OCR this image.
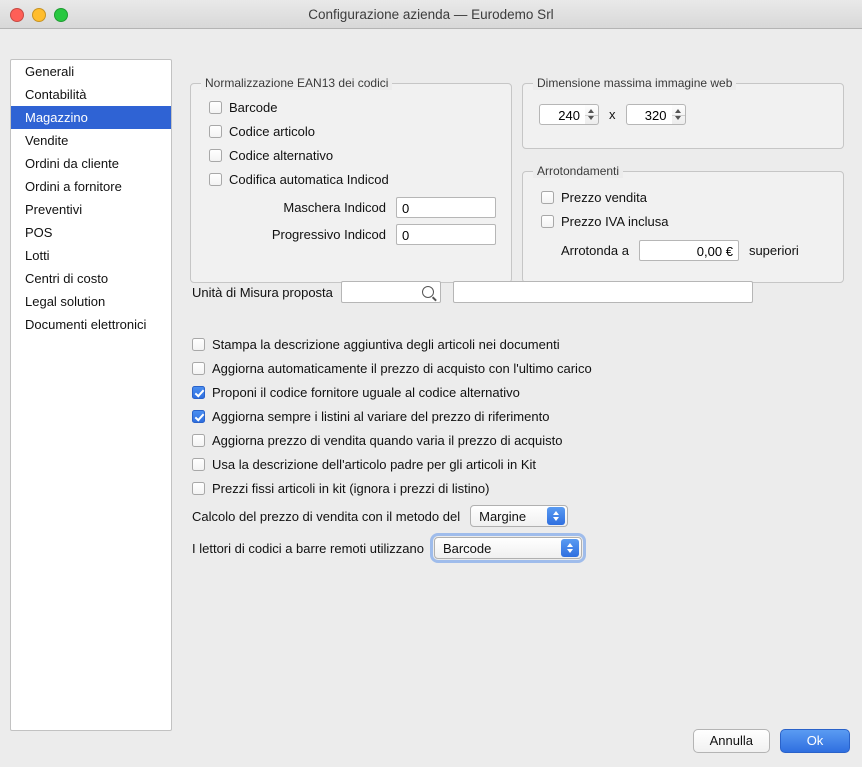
Configurazione azienda — Eurodemo Srl
Generali
Contabilità
Magazzino
Vendite
Ordini da cliente
Ordini a fornitore
Preventivi
POS
Lotti
Centri di costo
Legal solution
Documenti elettronici
Normalizzazione EAN13 dei codici
Barcode
Codice articolo
Codice alternativo
Codifica automatica Indicod
Maschera Indicod	0
Progressivo Indicod	0
Dimensione massima immagine web
240	x	320
Arrotondamenti
Prezzo vendita
Prezzo IVA inclusa
Arrotonda a	0,00 €	superiori
Unità di Misura proposta
Stampa la descrizione aggiuntiva degli articoli nei documenti
Aggiorna automaticamente il prezzo di acquisto con l'ultimo carico
Proponi il codice fornitore uguale al codice alternativo
Aggiorna sempre i listini al variare del prezzo di riferimento
Aggiorna prezzo di vendita quando varia il prezzo di acquisto
Usa la descrizione dell'articolo padre per gli articoli in Kit
Prezzi fissi articoli in kit (ignora i prezzi di listino)
Calcolo del prezzo di vendita con il metodo del	Margine
I lettori di codici a barre remoti utilizzano	Barcode
Annulla	Ok
